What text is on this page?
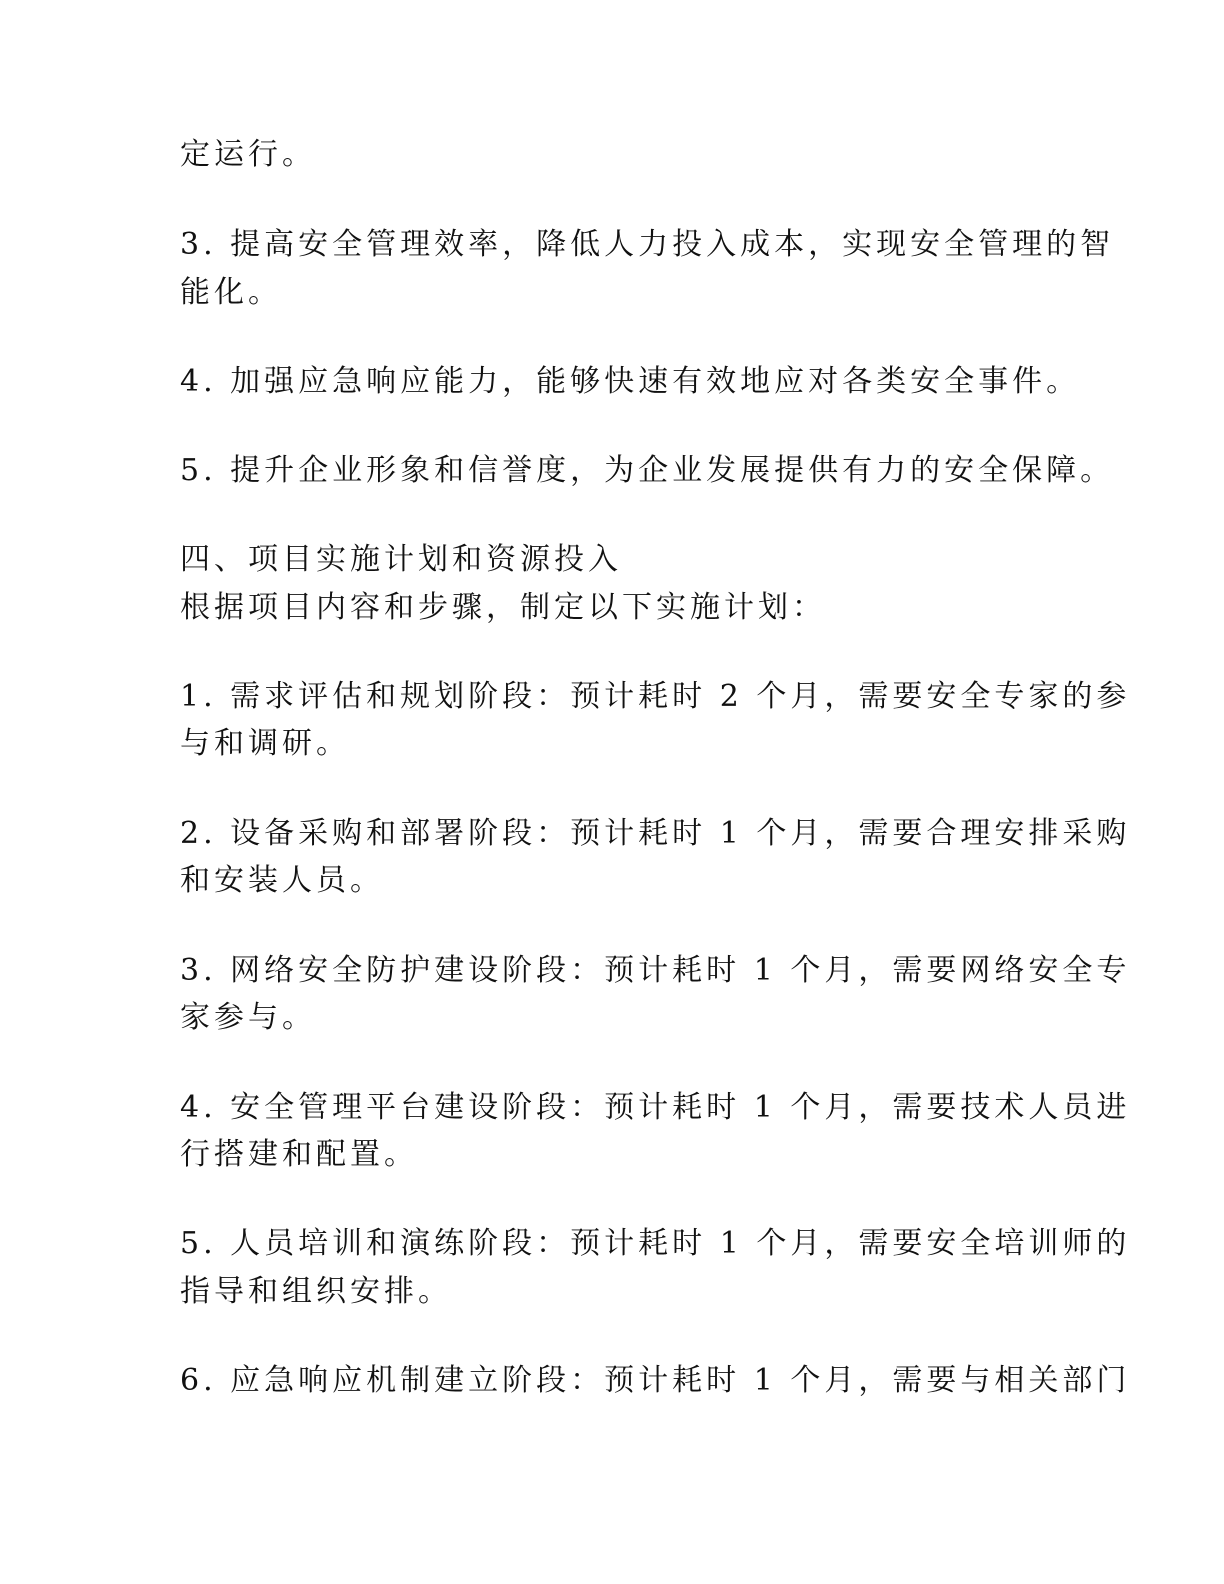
定运行。
3. 提高安全管理效率，降低人力投入成本，实现安全管理的智
能化。
4. 加强应急响应能力，能够快速有效地应对各类安全事件。
5. 提升企业形象和信誉度，为企业发展提供有力的安全保障。
四、项目实施计划和资源投入
根据项目内容和步骤，制定以下实施计划：
1. 需求评估和规划阶段：预计耗时 2 个月，需要安全专家的参
与和调研。
2. 设备采购和部署阶段：预计耗时 1 个月，需要合理安排采购
和安装人员。
3. 网络安全防护建设阶段：预计耗时 1 个月，需要网络安全专
家参与。
4. 安全管理平台建设阶段：预计耗时 1 个月，需要技术人员进
行搭建和配置。
5. 人员培训和演练阶段：预计耗时 1 个月，需要安全培训师的
指导和组织安排。
6. 应急响应机制建立阶段：预计耗时 1 个月，需要与相关部门
